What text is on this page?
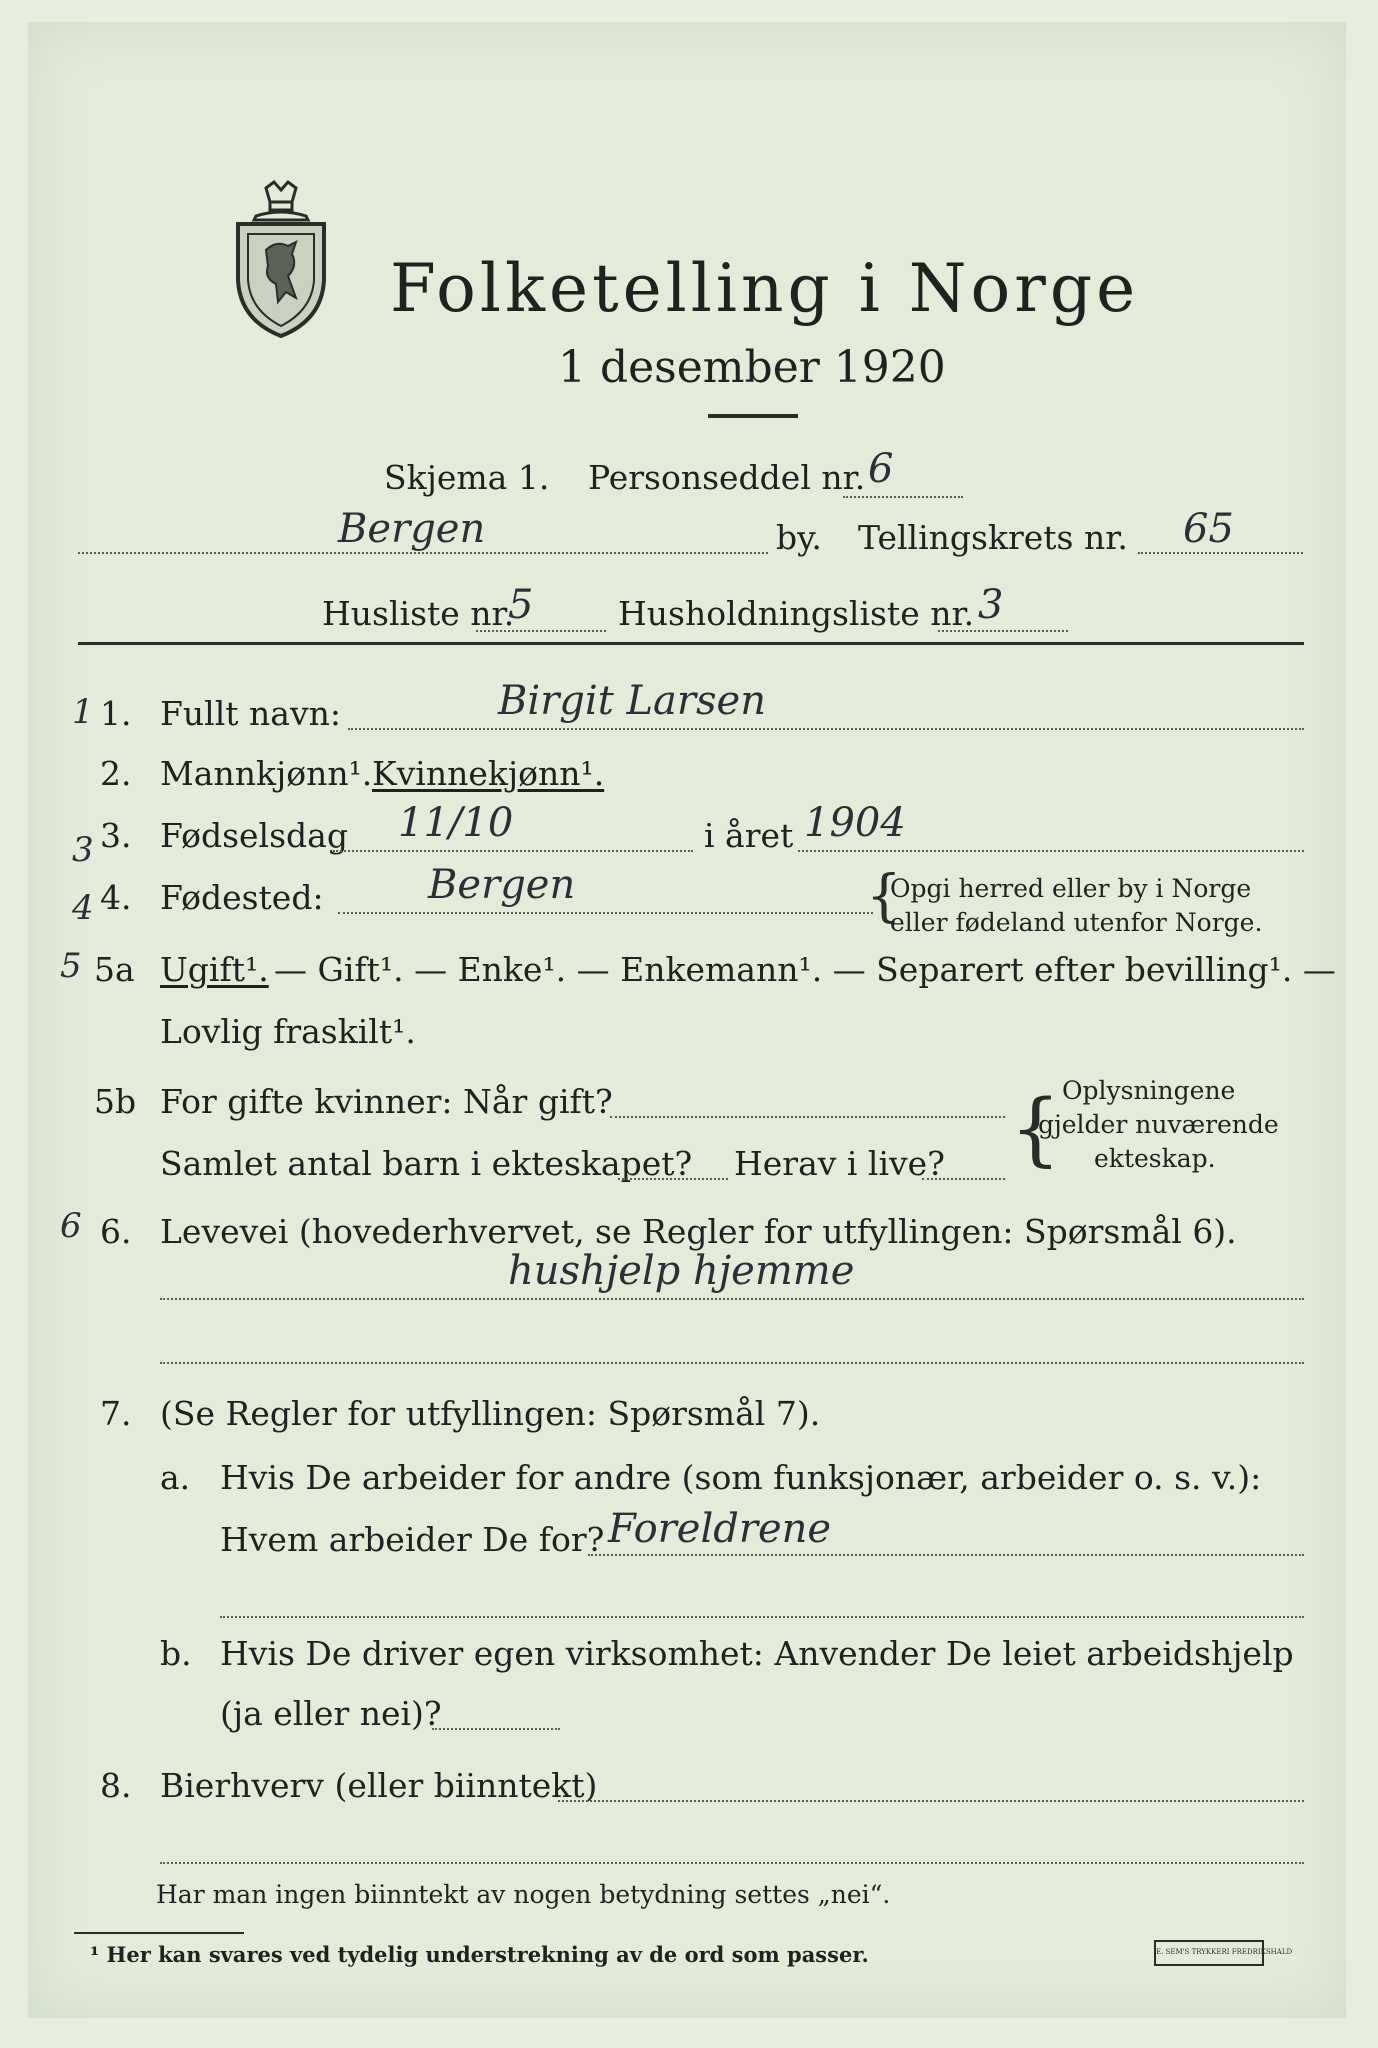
Folketelling i Norge
1 desember 1920
Skjema 1. Personseddel nr. 6
Bergen	by. Tellingskrets nr. 65
Husliste nr.
5	Husholdningsliste nr. 3
1
3
4
5
6
1. Fullt navn:	Birgit Larsen
2. Mannkjønn¹. Kvinnekjønn¹.
3. Fødselsdag 11/10	i året 1904
4. Fødested:	Bergen	{
Opgi herred eller by i Norge
eller fødeland utenfor Norge.
5a Ugift¹. — Gift¹. — Enke¹. — Enkemann¹. — Separert efter bevilling¹. —
Lovlig fraskilt¹.
5b For gifte kvinner: Når gift?
Samlet antal barn i ekteskapet? Herav i live? { Oplysningene
gjelder nuværende
ekteskap.
6. Levevei (hovederhvervet, se Regler for utfyllingen: Spørsmål 6).
hushjelp hjemme
7. (Se Regler for utfyllingen: Spørsmål 7).
a. Hvis De arbeider for andre (som funksjonær, arbeider o. s. v.):
Hvem arbeider De for? Foreldrene
b. Hvis De driver egen virksomhet: Anvender De leiet arbeidshjelp
(ja eller nei)?
8. Bierhverv (eller biinntekt)
Har man ingen biinntekt av nogen betydning settes „nei“.
¹ Her kan svares ved tydelig understrekning av de ord som passer.	E. SEM'S TRYKKERI FREDRIKSHALD
